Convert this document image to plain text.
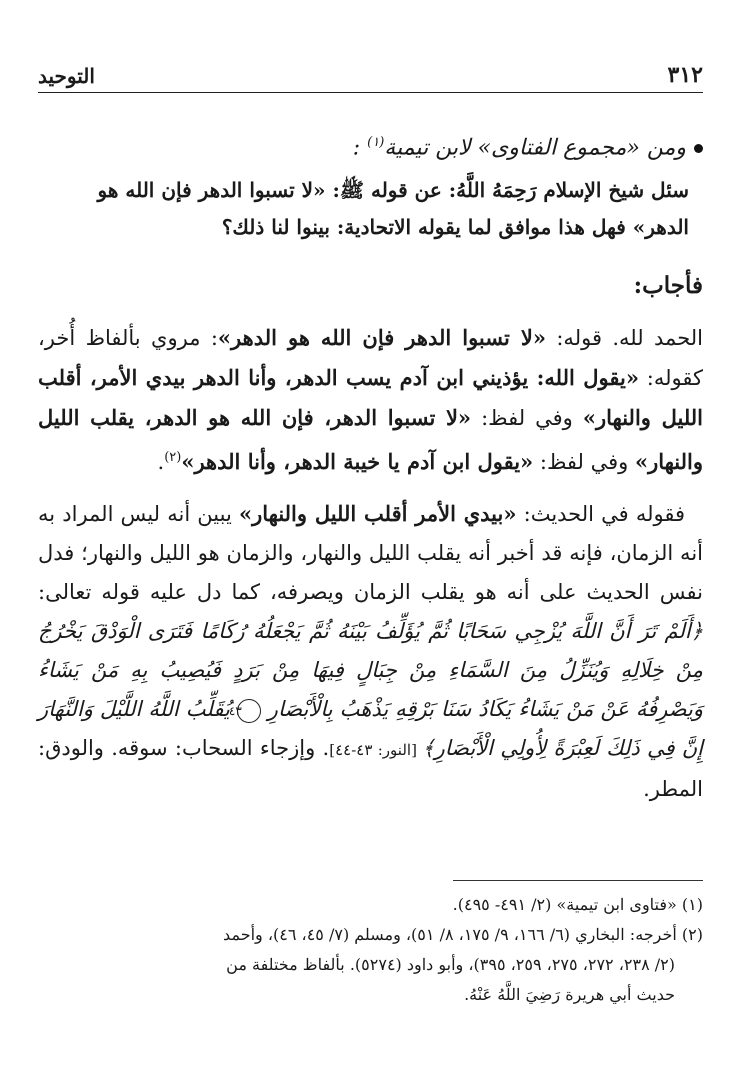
٣١٢
التوحيد
ومن «مجموع الفتاوى» لابن تيمية$^{(١)}$ :

سئل شيخ الإسلام رَحِمَهُ اللَّهُ: عن قوله ﷺ: «لا تسبوا الدهر فإن الله هو الدهر» فهل هذا موافق لما يقوله الاتحادية: بينوا لنا ذلك؟

فأجاب:

الحمد لله. قوله: «لا تسبوا الدهر فإن الله هو الدهر»: مروي بألفاظ أُخر، كقوله: «يقول الله: يؤذيني ابن آدم يسب الدهر، وأنا الدهر بيدي الأمر، أقلب الليل والنهار» وفي لفظ: «لا تسبوا الدهر، فإن الله هو الدهر، يقلب الليل والنهار» وفي لفظ: «يقول ابن آدم يا خيبة الدهر، وأنا الدهر»$^{(٢)}$.

فقوله في الحديث: «بيدي الأمر أقلب الليل والنهار» يبين أنه ليس المراد به أنه الزمان، فإنه قد أخبر أنه يقلب الليل والنهار، والزمان هو الليل والنهار؛ فدل نفس الحديث على أنه هو يقلب الزمان ويصرفه، كما دل عليه قوله تعالى: ﴿أَلَمْ تَرَ أَنَّ اللَّهَ يُزْجِي سَحَابًا ثُمَّ يُؤَلِّفُ بَيْنَهُ ثُمَّ يَجْعَلُهُ رُكَامًا فَتَرَى الْوَدْقَ يَخْرُجُ مِنْ خِلَالِهِ وَيُنَزِّلُ مِنَ السَّمَاءِ مِنْ جِبَالٍ فِيهَا مِنْ بَرَدٍ فَيُصِيبُ بِهِ مَنْ يَشَاءُ وَيَصْرِفُهُ عَنْ مَنْ يَشَاءُ يَكَادُ سَنَا بَرْقِهِ يَذْهَبُ بِالْأَبْصَارِ ٤٣ يُقَلِّبُ اللَّهُ اللَّيْلَ وَالنَّهَارَ إِنَّ فِي ذَلِكَ لَعِبْرَةً لِأُولِي الْأَبْصَارِ﴾ [النور: ٤٣-٤٤]. وإزجاء السحاب: سوقه. والودق: المطر.

(١) «فتاوى ابن تيمية» (٢/ ٤٩١- ٤٩٥).

(٢) أخرجه: البخاري (٦/ ١٦٦، ٩/ ١٧٥، ٨/ ٥١)، ومسلم (٧/ ٤٥، ٤٦)، وأحمد

(٢/ ٢٣٨، ٢٧٢، ٢٧٥، ٢٥٩، ٣٩٥)، وأبو داود (٥٢٧٤). بألفاظ مختلفة من

حديث أبي هريرة رَضِيَ اللَّهُ عَنْهُ.
